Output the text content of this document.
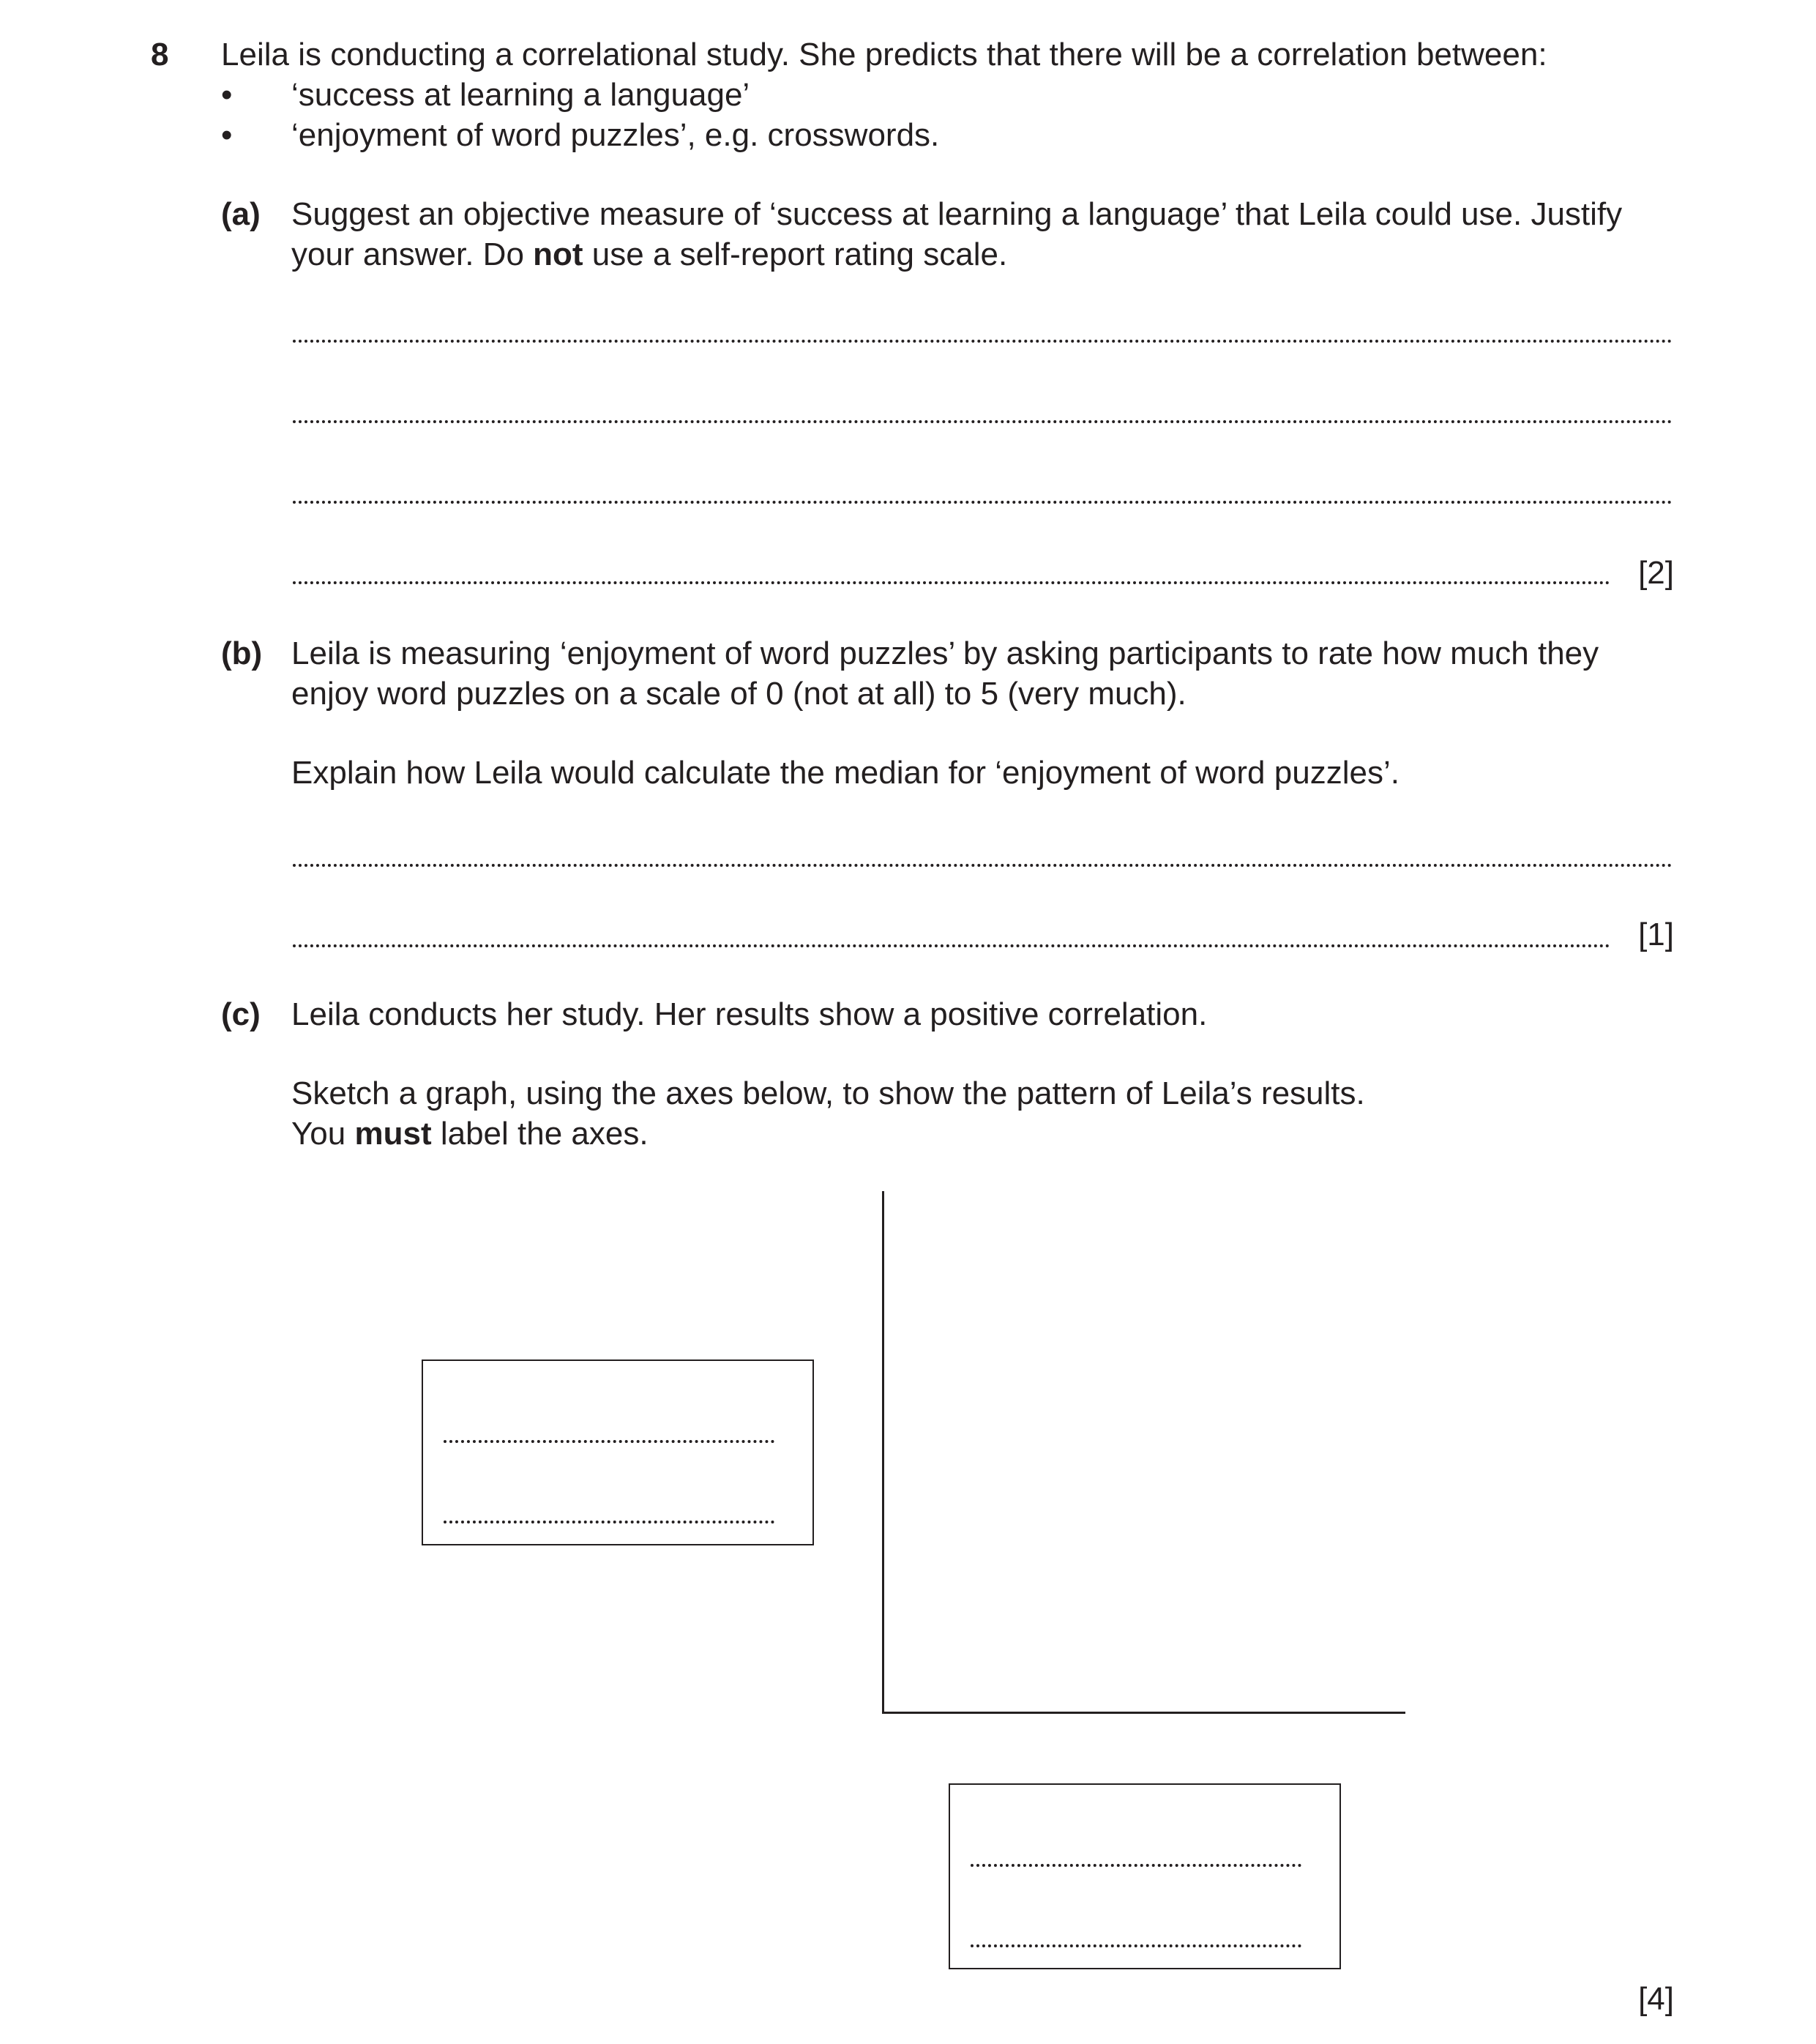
8 Leila is conducting a correlational study. She predicts that there will be a correlation between:
• ‘success at learning a language’
• ‘enjoyment of word puzzles’, e.g. crosswords.
(a) Suggest an objective measure of ‘success at learning a language’ that Leila could use. Justify
your answer. Do not use a self-report rating scale.
[2]
(b) Leila is measuring ‘enjoyment of word puzzles’ by asking participants to rate how much they
enjoy word puzzles on a scale of 0 (not at all) to 5 (very much).
Explain how Leila would calculate the median for ‘enjoyment of word puzzles’.
[1]
(c) Leila conducts her study. Her results show a positive correlation.
Sketch a graph, using the axes below, to show the pattern of Leila’s results.
You must label the axes.
[4]
